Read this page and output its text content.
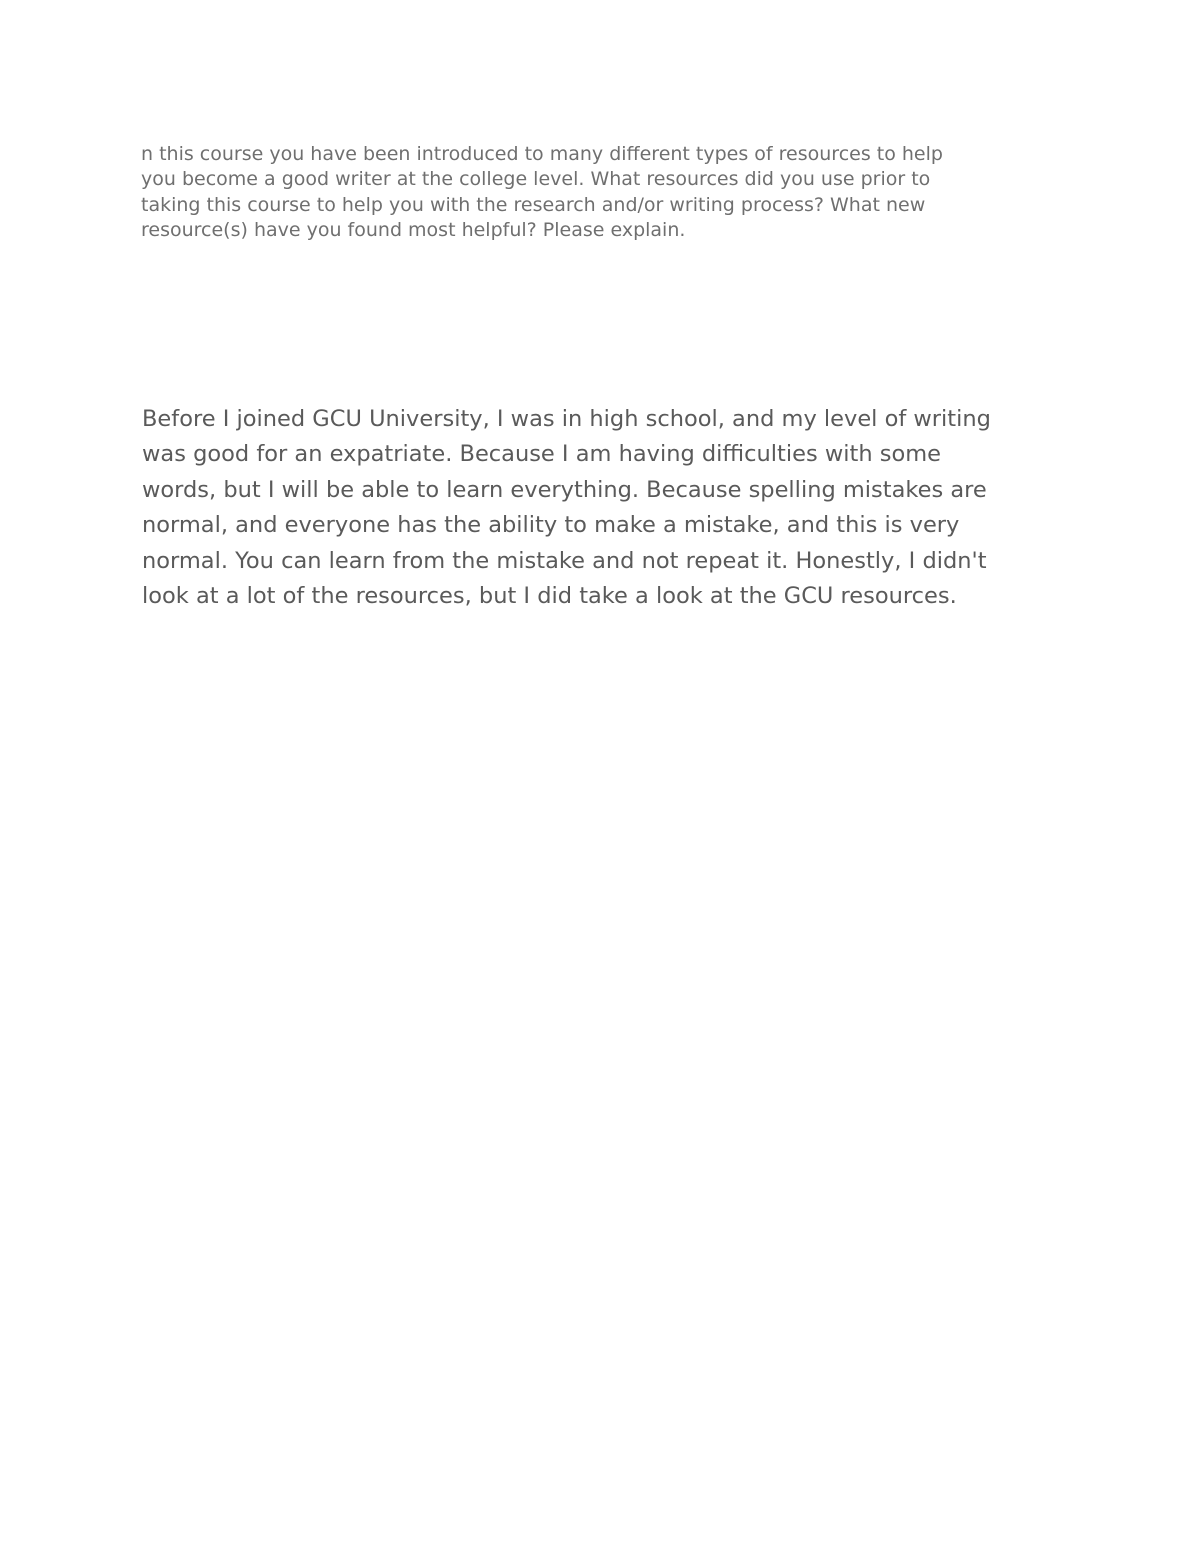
n this course you have been introduced to many different types of resources to help
you become a good writer at the college level. What resources did you use prior to
taking this course to help you with the research and/or writing process? What new
resource(s) have you found most helpful? Please explain.

Before I joined GCU University, I was in high school, and my level of writing
was good for an expatriate. Because I am having difficulties with some
words, but I will be able to learn everything. Because spelling mistakes are
normal, and everyone has the ability to make a mistake, and this is very
normal. You can learn from the mistake and not repeat it. Honestly, I didn't
look at a lot of the resources, but I did take a look at the GCU resources.
